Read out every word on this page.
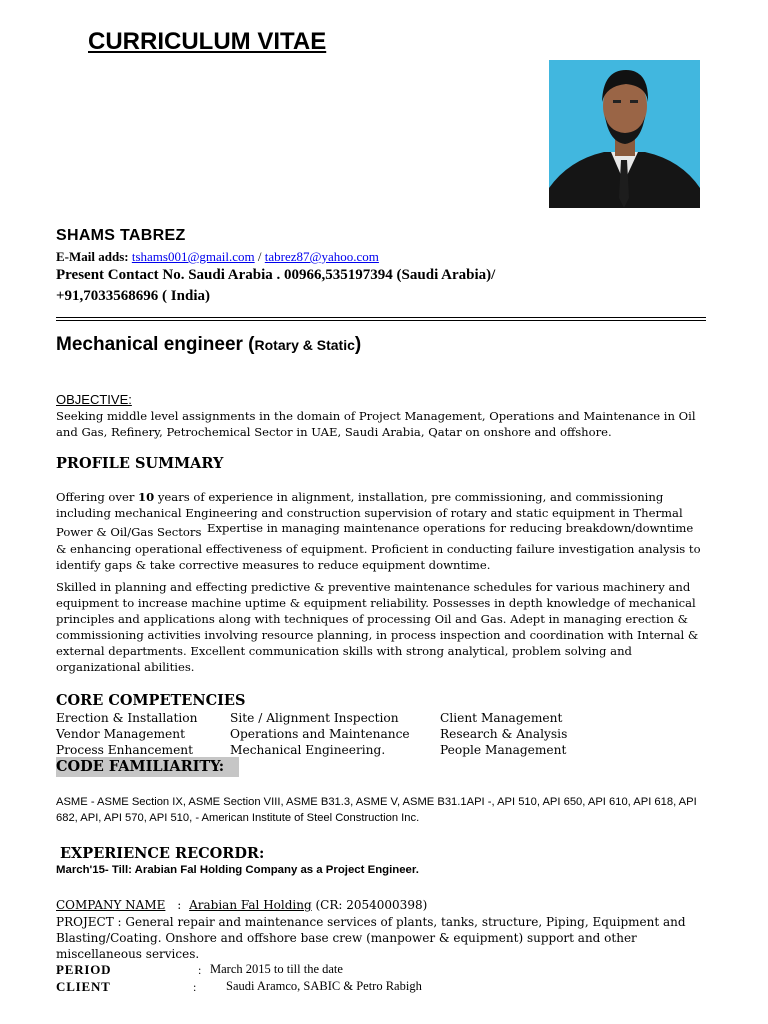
CURRICULUM VITAE
SHAMS TABREZ
E-Mail adds: tshams001@gmail.com / tabrez87@yahoo.com
Present Contact No. Saudi Arabia . 00966,535197394 (Saudi Arabia)/
+91,7033568696 ( India)
Mechanical engineer (Rotary & Static)
OBJECTIVE:
Seeking middle level assignments in the domain of Project Management, Operations and Maintenance in Oil and Gas, Refinery, Petrochemical Sector in UAE, Saudi Arabia, Qatar on onshore and offshore.
PROFILE SUMMARY
Offering over 10 years of experience in alignment, installation, pre commissioning, and commissioning including mechanical Engineering and construction supervision of rotary and static equipment in Thermal
Power & Oil/Gas Sectors Expertise in managing maintenance operations for reducing breakdown/downtime
& enhancing operational effectiveness of equipment. Proficient in conducting failure investigation analysis to identify gaps & take corrective measures to reduce equipment downtime.
Skilled in planning and effecting predictive & preventive maintenance schedules for various machinery and equipment to increase machine uptime & equipment reliability. Possesses in depth knowledge of mechanical principles and applications along with techniques of processing Oil and Gas. Adept in managing erection & commissioning activities involving resource planning, in process inspection and coordination with Internal & external departments. Excellent communication skills with strong analytical, problem solving and organizational abilities.
CORE COMPETENCIES
Erection & Installation
Vendor Management
Process Enhancement
Site / Alignment Inspection
Operations and Maintenance
Mechanical Engineering.
Client Management
Research & Analysis
People Management
CODE FAMILIARITY:
ASME - ASME Section IX, ASME Section VIII, ASME B31.3, ASME V, ASME B31.1API -, API 510, API 650, API 610, API 618, API 682, API, API 570, API 510, - American Institute of Steel Construction Inc.
EXPERIENCE RECORDR:
March'15- Till: Arabian Fal Holding Company as a Project Engineer.
COMPANY NAME : Arabian Fal Holding (CR: 2054000398)
PROJECT : General repair and maintenance services of plants, tanks, structure, Piping, Equipment and Blasting/Coating. Onshore and offshore base crew (manpower & equipment) support and other miscellaneous services.
PERIOD	: March 2015 to till the date
CLIENT	: Saudi Aramco, SABIC & Petro Rabigh
